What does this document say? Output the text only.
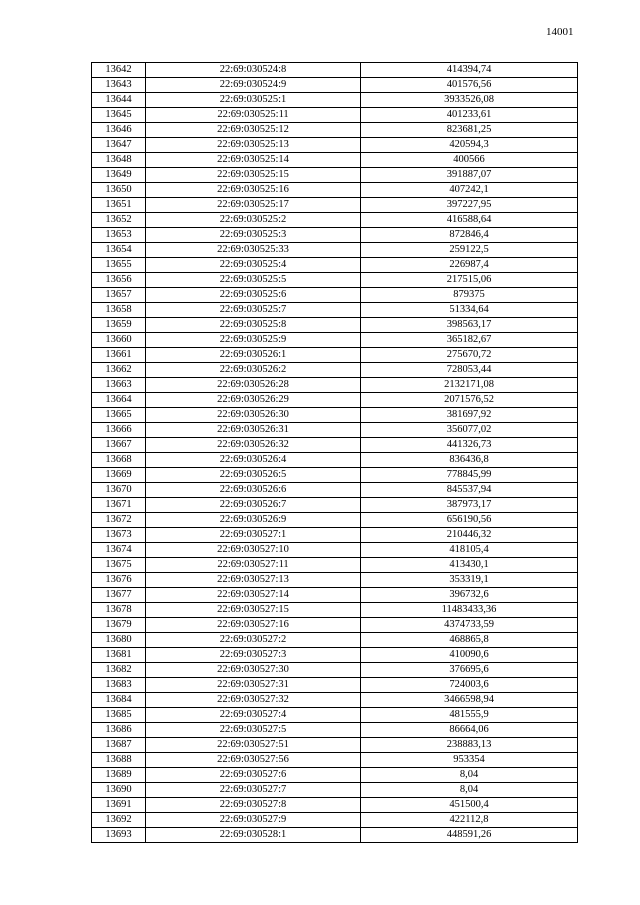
14001
13642	22:69:030524:8	414394,74
13643	22:69:030524:9	401576,56
13644	22:69:030525:1	3933526,08
13645	22:69:030525:11	401233,61
13646	22:69:030525:12	823681,25
13647	22:69:030525:13	420594,3
13648	22:69:030525:14	400566
13649	22:69:030525:15	391887,07
13650	22:69:030525:16	407242,1
13651	22:69:030525:17	397227,95
13652	22:69:030525:2	416588,64
13653	22:69:030525:3	872846,4
13654	22:69:030525:33	259122,5
13655	22:69:030525:4	226987,4
13656	22:69:030525:5	217515,06
13657	22:69:030525:6	879375
13658	22:69:030525:7	51334,64
13659	22:69:030525:8	398563,17
13660	22:69:030525:9	365182,67
13661	22:69:030526:1	275670,72
13662	22:69:030526:2	728053,44
13663	22:69:030526:28	2132171,08
13664	22:69:030526:29	2071576,52
13665	22:69:030526:30	381697,92
13666	22:69:030526:31	356077,02
13667	22:69:030526:32	441326,73
13668	22:69:030526:4	836436,8
13669	22:69:030526:5	778845,99
13670	22:69:030526:6	845537,94
13671	22:69:030526:7	387973,17
13672	22:69:030526:9	656190,56
13673	22:69:030527:1	210446,32
13674	22:69:030527:10	418105,4
13675	22:69:030527:11	413430,1
13676	22:69:030527:13	353319,1
13677	22:69:030527:14	396732,6
13678	22:69:030527:15	11483433,36
13679	22:69:030527:16	4374733,59
13680	22:69:030527:2	468865,8
13681	22:69:030527:3	410090,6
13682	22:69:030527:30	376695,6
13683	22:69:030527:31	724003,6
13684	22:69:030527:32	3466598,94
13685	22:69:030527:4	481555,9
13686	22:69:030527:5	86664,06
13687	22:69:030527:51	238883,13
13688	22:69:030527:56	953354
13689	22:69:030527:6	8,04
13690	22:69:030527:7	8,04
13691	22:69:030527:8	451500,4
13692	22:69:030527:9	422112,8
13693	22:69:030528:1	448591,26
